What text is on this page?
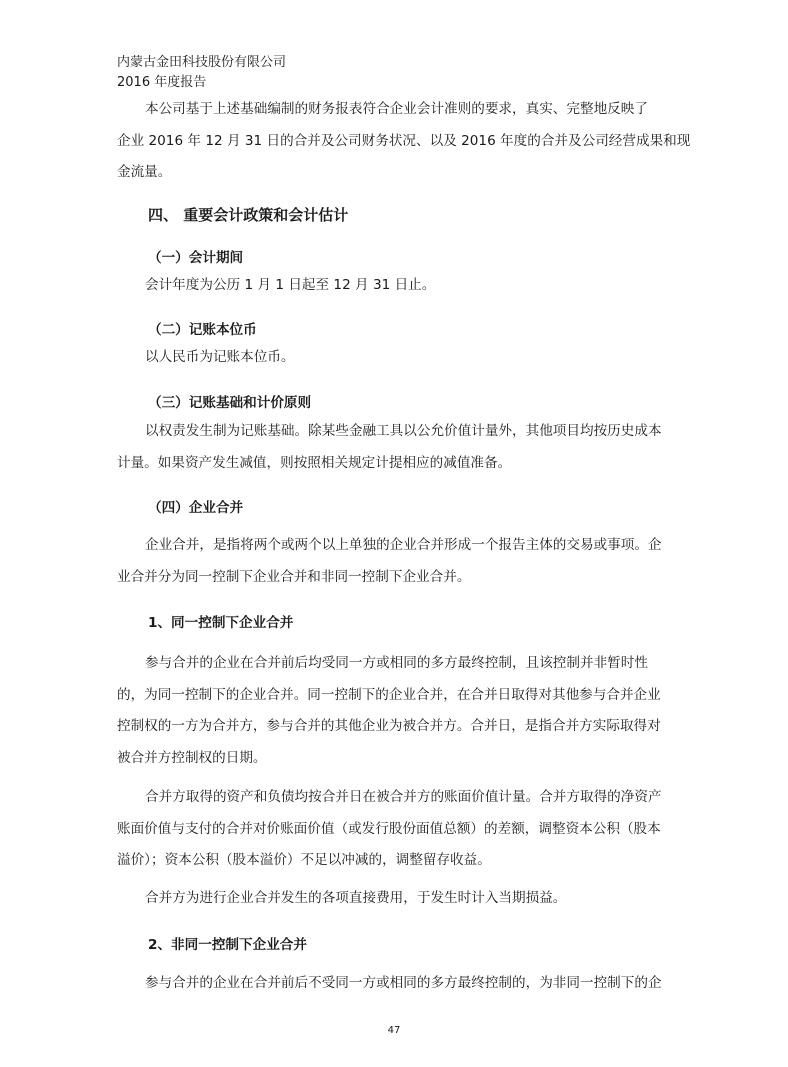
内蒙古金田科技股份有限公司
2016 年度报告
本公司基于上述基础编制的财务报表符合企业会计准则的要求，真实、完整地反映了
企业 2016 年 12 月 31 日的合并及公司财务状况、以及 2016 年度的合并及公司经营成果和现
金流量。
四、 重要会计政策和会计估计
（一）会计期间
会计年度为公历 1 月 1 日起至 12 月 31 日止。
（二）记账本位币
以人民币为记账本位币。
（三）记账基础和计价原则
以权责发生制为记账基础。除某些金融工具以公允价值计量外，其他项目均按历史成本
计量。如果资产发生减值，则按照相关规定计提相应的减值准备。
（四）企业合并
企业合并，是指将两个或两个以上单独的企业合并形成一个报告主体的交易或事项。企
业合并分为同一控制下企业合并和非同一控制下企业合并。
1、同一控制下企业合并
参与合并的企业在合并前后均受同一方或相同的多方最终控制，且该控制并非暂时性
的，为同一控制下的企业合并。同一控制下的企业合并，在合并日取得对其他参与合并企业
控制权的一方为合并方，参与合并的其他企业为被合并方。合并日，是指合并方实际取得对
被合并方控制权的日期。
合并方取得的资产和负债均按合并日在被合并方的账面价值计量。合并方取得的净资产
账面价值与支付的合并对价账面价值（或发行股份面值总额）的差额，调整资本公积（股本
溢价）；资本公积（股本溢价）不足以冲减的，调整留存收益。
合并方为进行企业合并发生的各项直接费用，于发生时计入当期损益。
2、非同一控制下企业合并
参与合并的企业在合并前后不受同一方或相同的多方最终控制的，为非同一控制下的企
47
